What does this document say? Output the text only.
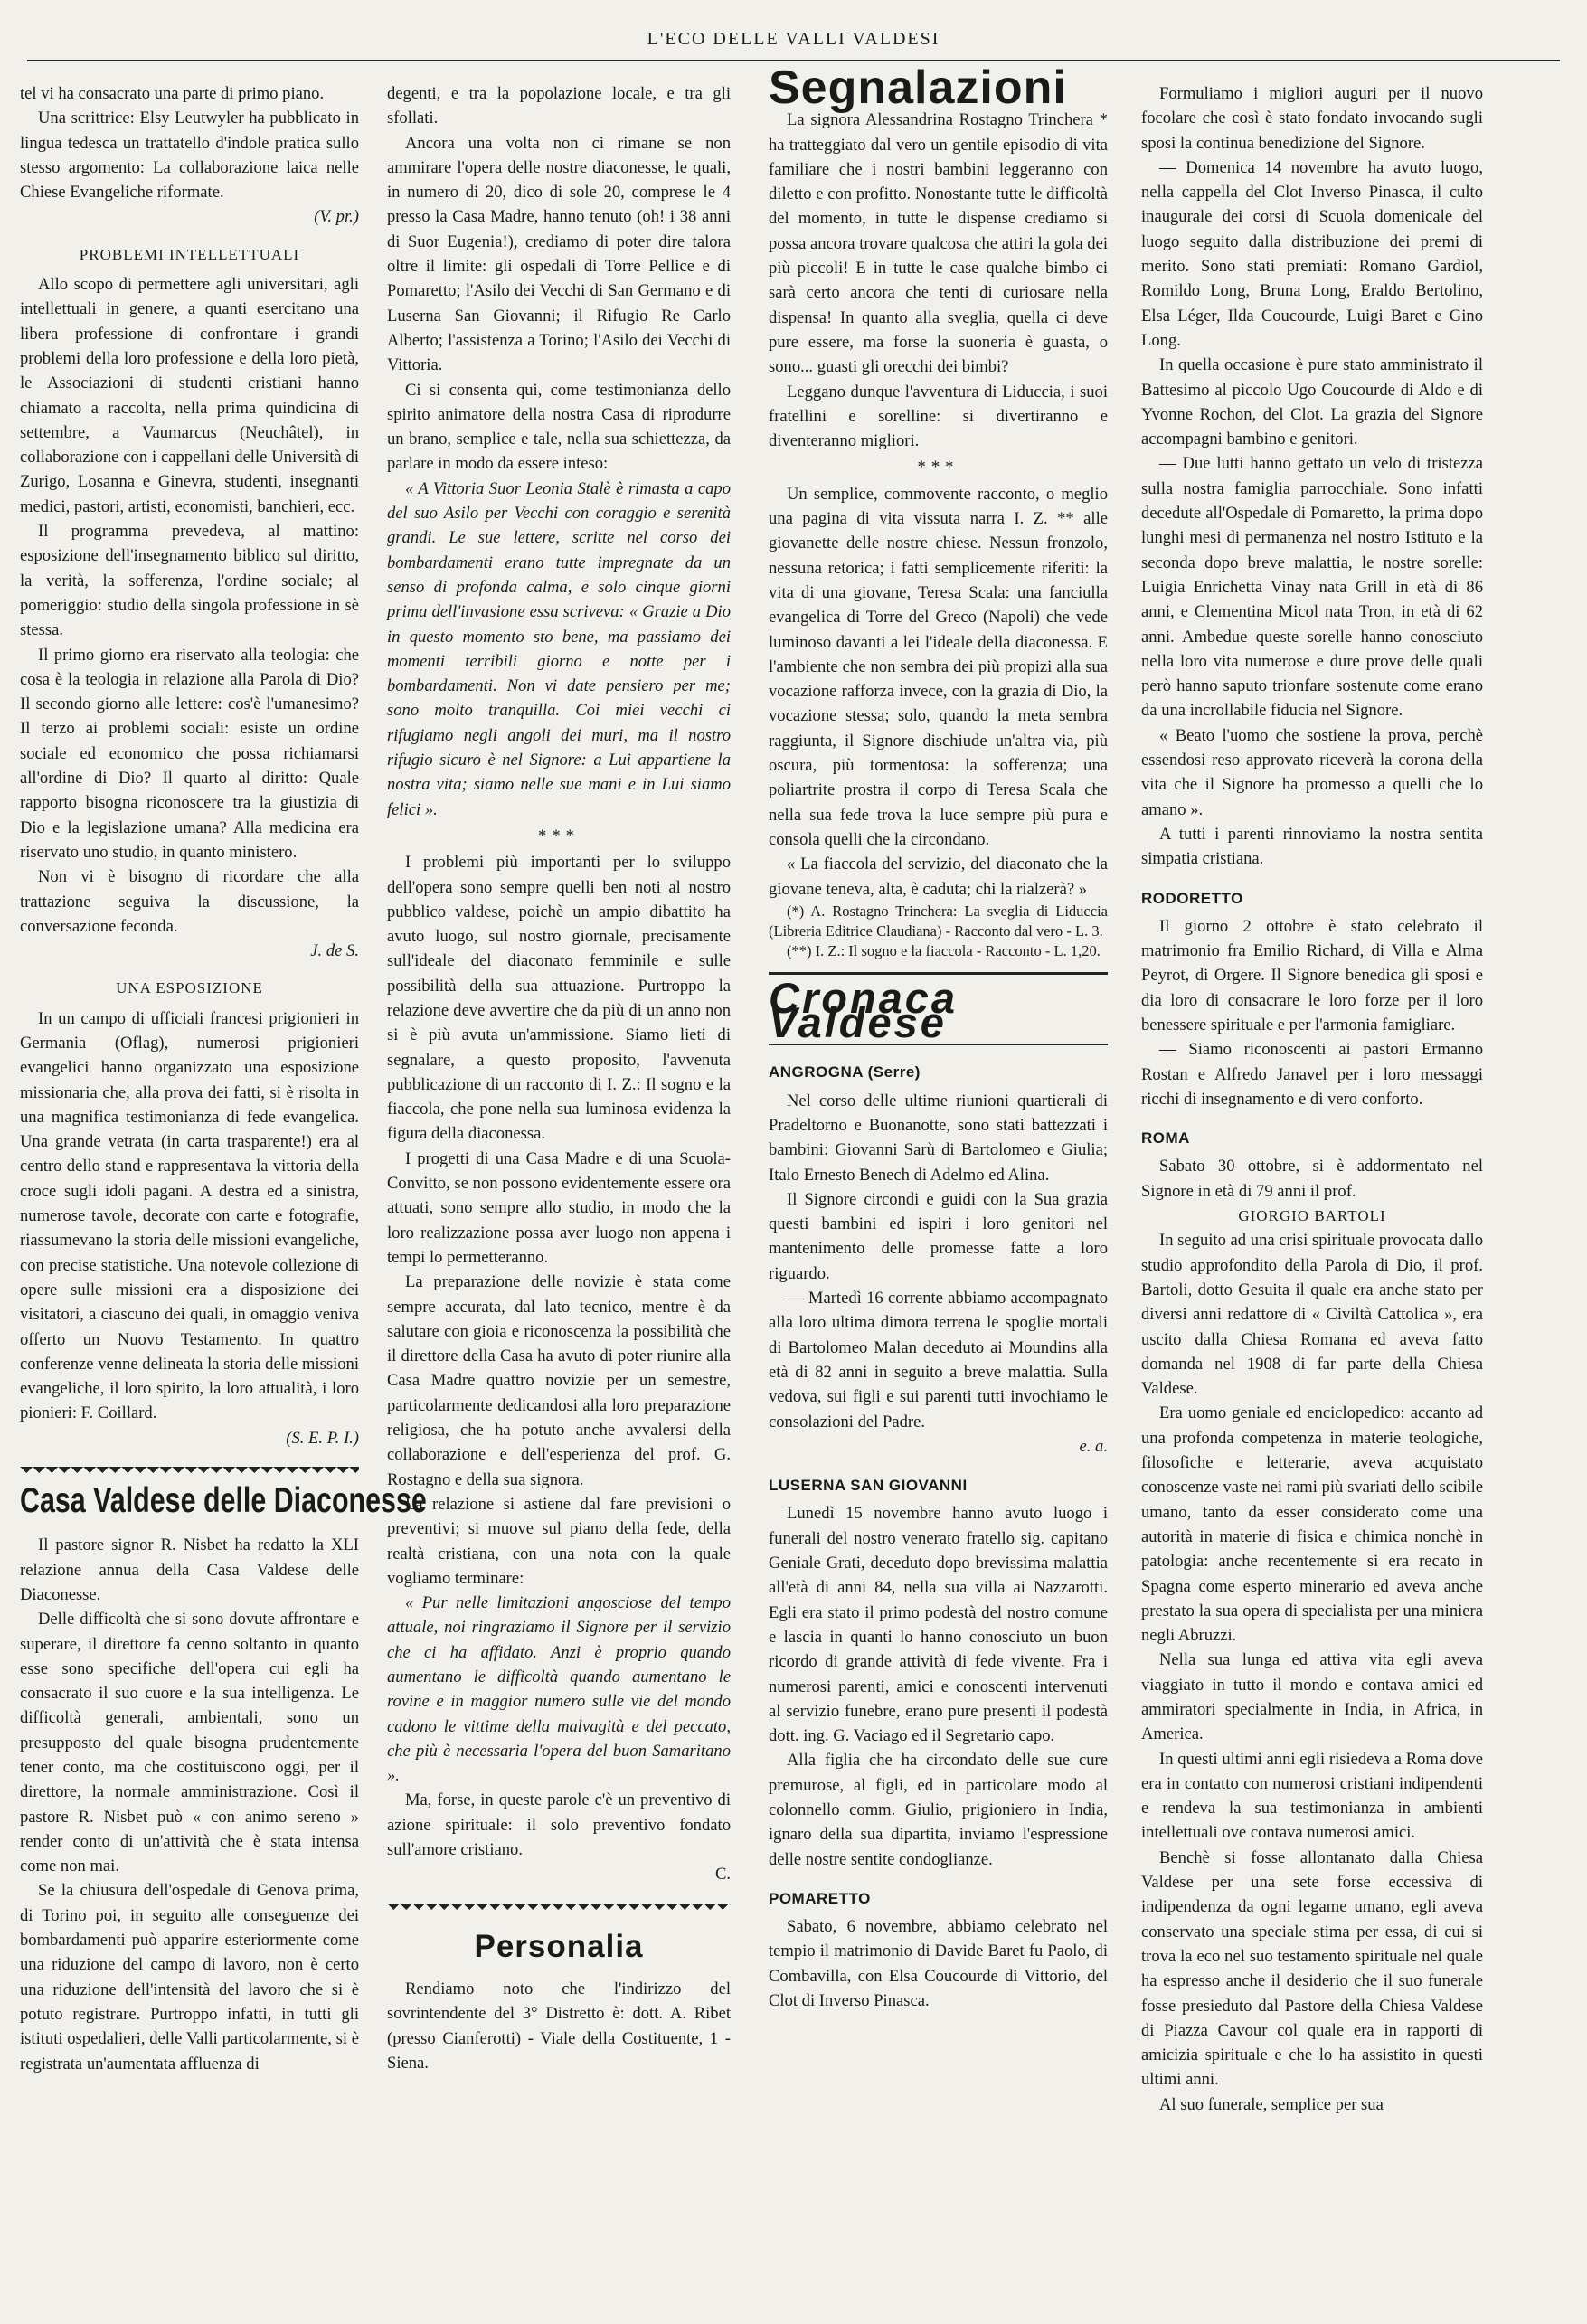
L'ECO DELLE VALLI VALDESI

tel vi ha consacrato una parte di primo piano.

Una scrittrice: Elsy Leutwyler ha pubblicato in lingua tedesca un trattatello d'indole pratica sullo stesso argomento: La collaborazione laica nelle Chiese Evangeliche riformate.

(V. pr.)

PROBLEMI INTELLETTUALI

Allo scopo di permettere agli universitari, agli intellettuali in genere, a quanti esercitano una libera professione di confrontare i grandi problemi della loro professione e della loro pietà, le Associazioni di studenti cristiani hanno chiamato a raccolta, nella prima quindicina di settembre, a Vaumarcus (Neuchâtel), in collaborazione con i cappellani delle Università di Zurigo, Losanna e Ginevra, studenti, insegnanti medici, pastori, artisti, economisti, banchieri, ecc.

Il programma prevedeva, al mattino: esposizione dell'insegnamento biblico sul diritto, la verità, la sofferenza, l'ordine sociale; al pomeriggio: studio della singola professione in sè stessa.

Il primo giorno era riservato alla teologia: che cosa è la teologia in relazione alla Parola di Dio? Il secondo giorno alle lettere: cos'è l'umanesimo? Il terzo ai problemi sociali: esiste un ordine sociale ed economico che possa richiamarsi all'ordine di Dio? Il quarto al diritto: Quale rapporto bisogna riconoscere tra la giustizia di Dio e la legislazione umana? Alla medicina era riservato uno studio, in quanto ministero.

Non vi è bisogno di ricordare che alla trattazione seguiva la discussione, la conversazione feconda.

J. de S.

UNA ESPOSIZIONE

In un campo di ufficiali francesi prigionieri in Germania (Oflag), numerosi prigionieri evangelici hanno organizzato una esposizione missionaria che, alla prova dei fatti, si è risolta in una magnifica testimonianza di fede evangelica. Una grande vetrata (in carta trasparente!) era al centro dello stand e rappresentava la vittoria della croce sugli idoli pagani. A destra ed a sinistra, numerose tavole, decorate con carte e fotografie, riassumevano la storia delle missioni evangeliche, con precise statistiche. Una notevole collezione di opere sulle missioni era a disposizione dei visitatori, a ciascuno dei quali, in omaggio veniva offerto un Nuovo Testamento. In quattro conferenze venne delineata la storia delle missioni evangeliche, il loro spirito, la loro attualità, i loro pionieri: F. Coillard.

(S. E. P. I.)

Casa Valdese delle Diaconesse

Il pastore signor R. Nisbet ha redatto la XLI relazione annua della Casa Valdese delle Diaconesse.

Delle difficoltà che si sono dovute affrontare e superare, il direttore fa cenno soltanto in quanto esse sono specifiche dell'opera cui egli ha consacrato il suo cuore e la sua intelligenza. Le difficoltà generali, ambientali, sono un presupposto del quale bisogna prudentemente tener conto, ma che costituiscono oggi, per il direttore, la normale amministrazione. Così il pastore R. Nisbet può « con animo sereno » render conto di un'attività che è stata intensa come non mai.

Se la chiusura dell'ospedale di Genova prima, di Torino poi, in seguito alle conseguenze dei bombardamenti può apparire esteriormente come una riduzione del campo di lavoro, non è certo una riduzione dell'intensità del lavoro che si è potuto registrare. Purtroppo infatti, in tutti gli istituti ospedalieri, delle Valli particolarmente, si è registrata un'aumentata affluenza di

degenti, e tra la popolazione locale, e tra gli sfollati.

Ancora una volta non ci rimane se non ammirare l'opera delle nostre diaconesse, le quali, in numero di 20, dico di sole 20, comprese le 4 presso la Casa Madre, hanno tenuto (oh! i 38 anni di Suor Eugenia!), crediamo di poter dire talora oltre il limite: gli ospedali di Torre Pellice e di Pomaretto; l'Asilo dei Vecchi di San Germano e di Luserna San Giovanni; il Rifugio Re Carlo Alberto; l'assistenza a Torino; l'Asilo dei Vecchi di Vittoria.

Ci si consenta qui, come testimonianza dello spirito animatore della nostra Casa di riprodurre un brano, semplice e tale, nella sua schiettezza, da parlare in modo da essere inteso:

« A Vittoria Suor Leonia Stalè è rimasta a capo del suo Asilo per Vecchi con coraggio e serenità grandi. Le sue lettere, scritte nel corso dei bombardamenti erano tutte impregnate da un senso di profonda calma, e solo cinque giorni prima dell'invasione essa scriveva: « Grazie a Dio in questo momento sto bene, ma passiamo dei momenti terribili giorno e notte per i bombardamenti. Non vi date pensiero per me; sono molto tranquilla. Coi miei vecchi ci rifugiamo negli angoli dei muri, ma il nostro rifugio sicuro è nel Signore: a Lui appartiene la nostra vita; siamo nelle sue mani e in Lui siamo felici ».

***

I problemi più importanti per lo sviluppo dell'opera sono sempre quelli ben noti al nostro pubblico valdese, poichè un ampio dibattito ha avuto luogo, sul nostro giornale, precisamente sull'ideale del diaconato femminile e sulle possibilità della sua attuazione. Purtroppo la relazione deve avvertire che da più di un anno non si è più avuta un'ammissione. Siamo lieti di segnalare, a questo proposito, l'avvenuta pubblicazione di un racconto di I. Z.: Il sogno e la fiaccola, che pone nella sua luminosa evidenza la figura della diaconessa.

I progetti di una Casa Madre e di una Scuola-Convitto, se non possono evidentemente essere ora attuati, sono sempre allo studio, in modo che la loro realizzazione possa aver luogo non appena i tempi lo permetteranno.

La preparazione delle novizie è stata come sempre accurata, dal lato tecnico, mentre è da salutare con gioia e riconoscenza la possibilità che il direttore della Casa ha avuto di poter riunire alla Casa Madre quattro novizie per un semestre, particolarmente dedicandosi alla loro preparazione religiosa, che ha potuto anche avvalersi della collaborazione e dell'esperienza del prof. G. Rostagno e della sua signora.

La relazione si astiene dal fare previsioni o preventivi; si muove sul piano della fede, della realtà cristiana, con una nota con la quale vogliamo terminare:

« Pur nelle limitazioni angosciose del tempo attuale, noi ringraziamo il Signore per il servizio che ci ha affidato. Anzi è proprio quando aumentano le difficoltà quando aumentano le rovine e in maggior numero sulle vie del mondo cadono le vittime della malvagità e del peccato, che più è necessaria l'opera del buon Samaritano ».

Ma, forse, in queste parole c'è un preventivo di azione spirituale: il solo preventivo fondato sull'amore cristiano.

C.

Personalia

Rendiamo noto che l'indirizzo del sovrintendente del 3° Distretto è: dott. A. Ribet (presso Cianferotti) - Viale della Costituente, 1 - Siena.

Segnalazioni

La signora Alessandrina Rostagno Trinchera * ha tratteggiato dal vero un gentile episodio di vita familiare che i nostri bambini leggeranno con diletto e con profitto. Nonostante tutte le difficoltà del momento, in tutte le dispense crediamo si possa ancora trovare qualcosa che attiri la gola dei più piccoli! E in tutte le case qualche bimbo ci sarà certo ancora che tenti di curiosare nella dispensa! In quanto alla sveglia, quella ci deve pure essere, ma forse la suoneria è guasta, o sono... guasti gli orecchi dei bimbi?

Leggano dunque l'avventura di Liduccia, i suoi fratellini e sorelline: si divertiranno e diventeranno migliori.

***

Un semplice, commovente racconto, o meglio una pagina di vita vissuta narra I. Z. ** alle giovanette delle nostre chiese. Nessun fronzolo, nessuna retorica; i fatti semplicemente riferiti: la vita di una giovane, Teresa Scala: una fanciulla evangelica di Torre del Greco (Napoli) che vede luminoso davanti a lei l'ideale della diaconessa. E l'ambiente che non sembra dei più propizi alla sua vocazione rafforza invece, con la grazia di Dio, la vocazione stessa; solo, quando la meta sembra raggiunta, il Signore dischiude un'altra via, più oscura, più tormentosa: la sofferenza; una poliartrite prostra il corpo di Teresa Scala che nella sua fede trova la luce sempre più pura e consola quelli che la circondano.

« La fiaccola del servizio, del diaconato che la giovane teneva, alta, è caduta; chi la rialzerà? »

(*) A. Rostagno Trinchera: La sveglia di Liduccia (Libreria Editrice Claudiana) - Racconto dal vero - L. 3.

(**) I. Z.: Il sogno e la fiaccola - Racconto - L. 1,20.

Cronaca Valdese
ANGROGNA (Serre)

Nel corso delle ultime riunioni quartierali di Pradeltorno e Buonanotte, sono stati battezzati i bambini: Giovanni Sarù di Bartolomeo e Giulia; Italo Ernesto Benech di Adelmo ed Alina.

Il Signore circondi e guidi con la Sua grazia questi bambini ed ispiri i loro genitori nel mantenimento delle promesse fatte a loro riguardo.

— Martedì 16 corrente abbiamo accompagnato alla loro ultima dimora terrena le spoglie mortali di Bartolomeo Malan deceduto ai Moundins alla età di 82 anni in seguito a breve malattia. Sulla vedova, sui figli e sui parenti tutti invochiamo le consolazioni del Padre.

e. a.

LUSERNA SAN GIOVANNI

Lunedì 15 novembre hanno avuto luogo i funerali del nostro venerato fratello sig. capitano Geniale Grati, deceduto dopo brevissima malattia all'età di anni 84, nella sua villa ai Nazzarotti. Egli era stato il primo podestà del nostro comune e lascia in quanti lo hanno conosciuto un buon ricordo di grande attività di fede vivente. Fra i numerosi parenti, amici e conoscenti intervenuti al servizio funebre, erano pure presenti il podestà dott. ing. G. Vaciago ed il Segretario capo.

Alla figlia che ha circondato delle sue cure premurose, al figli, ed in particolare modo al colonnello comm. Giulio, prigioniero in India, ignaro della sua dipartita, inviamo l'espressione delle nostre sentite condoglianze.

POMARETTO

Sabato, 6 novembre, abbiamo celebrato nel tempio il matrimonio di Davide Baret fu Paolo, di Combavilla, con Elsa Coucourde di Vittorio, del Clot di Inverso Pinasca.

Formuliamo i migliori auguri per il nuovo focolare che così è stato fondato invocando sugli sposi la continua benedizione del Signore.

— Domenica 14 novembre ha avuto luogo, nella cappella del Clot Inverso Pinasca, il culto inaugurale dei corsi di Scuola domenicale del luogo seguito dalla distribuzione dei premi di merito. Sono stati premiati: Romano Gardiol, Romildo Long, Bruna Long, Eraldo Bertolino, Elsa Léger, Ilda Coucourde, Luigi Baret e Gino Long.

In quella occasione è pure stato amministrato il Battesimo al piccolo Ugo Coucourde di Aldo e di Yvonne Rochon, del Clot. La grazia del Signore accompagni bambino e genitori.

— Due lutti hanno gettato un velo di tristezza sulla nostra famiglia parrocchiale. Sono infatti decedute all'Ospedale di Pomaretto, la prima dopo lunghi mesi di permanenza nel nostro Istituto e la seconda dopo breve malattia, le nostre sorelle: Luigia Enrichetta Vinay nata Grill in età di 86 anni, e Clementina Micol nata Tron, in età di 62 anni. Ambedue queste sorelle hanno conosciuto nella loro vita numerose e dure prove delle quali però hanno saputo trionfare sostenute come erano da una incrollabile fiducia nel Signore.

« Beato l'uomo che sostiene la prova, perchè essendosi reso approvato riceverà la corona della vita che il Signore ha promesso a quelli che lo amano ».

A tutti i parenti rinnoviamo la nostra sentita simpatia cristiana.

RODORETTO

Il giorno 2 ottobre è stato celebrato il matrimonio fra Emilio Richard, di Villa e Alma Peyrot, di Orgere. Il Signore benedica gli sposi e dia loro di consacrare le loro forze per il loro benessere spirituale e per l'armonia famigliare.

— Siamo riconoscenti ai pastori Ermanno Rostan e Alfredo Janavel per i loro messaggi ricchi di insegnamento e di vero conforto.

ROMA

Sabato 30 ottobre, si è addormentato nel Signore in età di 79 anni il prof.

GIORGIO BARTOLI

In seguito ad una crisi spirituale provocata dallo studio approfondito della Parola di Dio, il prof. Bartoli, dotto Gesuita il quale era anche stato per diversi anni redattore di « Civiltà Cattolica », era uscito dalla Chiesa Romana ed aveva fatto domanda nel 1908 di far parte della Chiesa Valdese.

Era uomo geniale ed enciclopedico: accanto ad una profonda competenza in materie teologiche, filosofiche e letterarie, aveva acquistato conoscenze vaste nei rami più svariati dello scibile umano, tanto da esser considerato come una autorità in materie di fisica e chimica nonchè in patologia: anche recentemente si era recato in Spagna come esperto minerario ed aveva anche prestato la sua opera di specialista per una miniera negli Abruzzi.

Nella sua lunga ed attiva vita egli aveva viaggiato in tutto il mondo e contava amici ed ammiratori specialmente in India, in Africa, in America.

In questi ultimi anni egli risiedeva a Roma dove era in contatto con numerosi cristiani indipendenti e rendeva la sua testimonianza in ambienti intellettuali ove contava numerosi amici.

Benchè si fosse allontanato dalla Chiesa Valdese per una sete forse eccessiva di indipendenza da ogni legame umano, egli aveva conservato una speciale stima per essa, di cui si trova la eco nel suo testamento spirituale nel quale ha espresso anche il desiderio che il suo funerale fosse presieduto dal Pastore della Chiesa Valdese di Piazza Cavour col quale era in rapporti di amicizia spirituale e che lo ha assistito in questi ultimi anni.

Al suo funerale, semplice per sua
